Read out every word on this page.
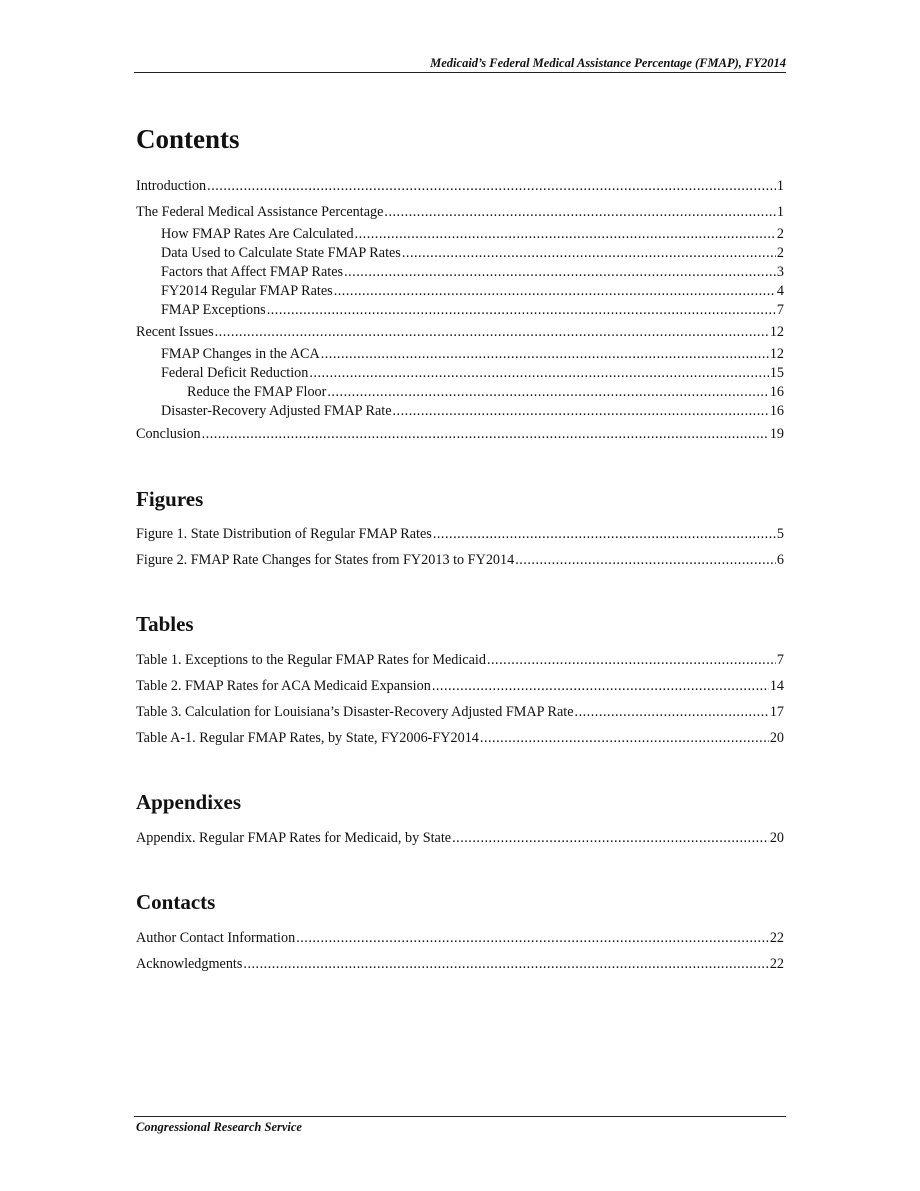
Medicaid’s Federal Medical Assistance Percentage (FMAP), FY2014
Contents
Introduction .....	1
The Federal Medical Assistance Percentage .....	1
How FMAP Rates Are Calculated .....	2
Data Used to Calculate State FMAP Rates .....	2
Factors that Affect FMAP Rates .....	3
FY2014 Regular FMAP Rates .....	4
FMAP Exceptions .....	7
Recent Issues .....	12
FMAP Changes in the ACA .....	12
Federal Deficit Reduction .....	15
Reduce the FMAP Floor .....	16
Disaster-Recovery Adjusted FMAP Rate .....	16
Conclusion .....	19
Figures
Figure 1. State Distribution of Regular FMAP Rates .....	5
Figure 2. FMAP Rate Changes for States from FY2013 to FY2014 .....	6
Tables
Table 1. Exceptions to the Regular FMAP Rates for Medicaid .....	7
Table 2. FMAP Rates for ACA Medicaid Expansion .....	14
Table 3. Calculation for Louisiana’s Disaster-Recovery Adjusted FMAP Rate .....	17
Table A-1. Regular FMAP Rates, by State, FY2006-FY2014 .....	20
Appendixes
Appendix. Regular FMAP Rates for Medicaid, by State .....	20
Contacts
Author Contact Information .....	22
Acknowledgments .....	22
Congressional Research Service
